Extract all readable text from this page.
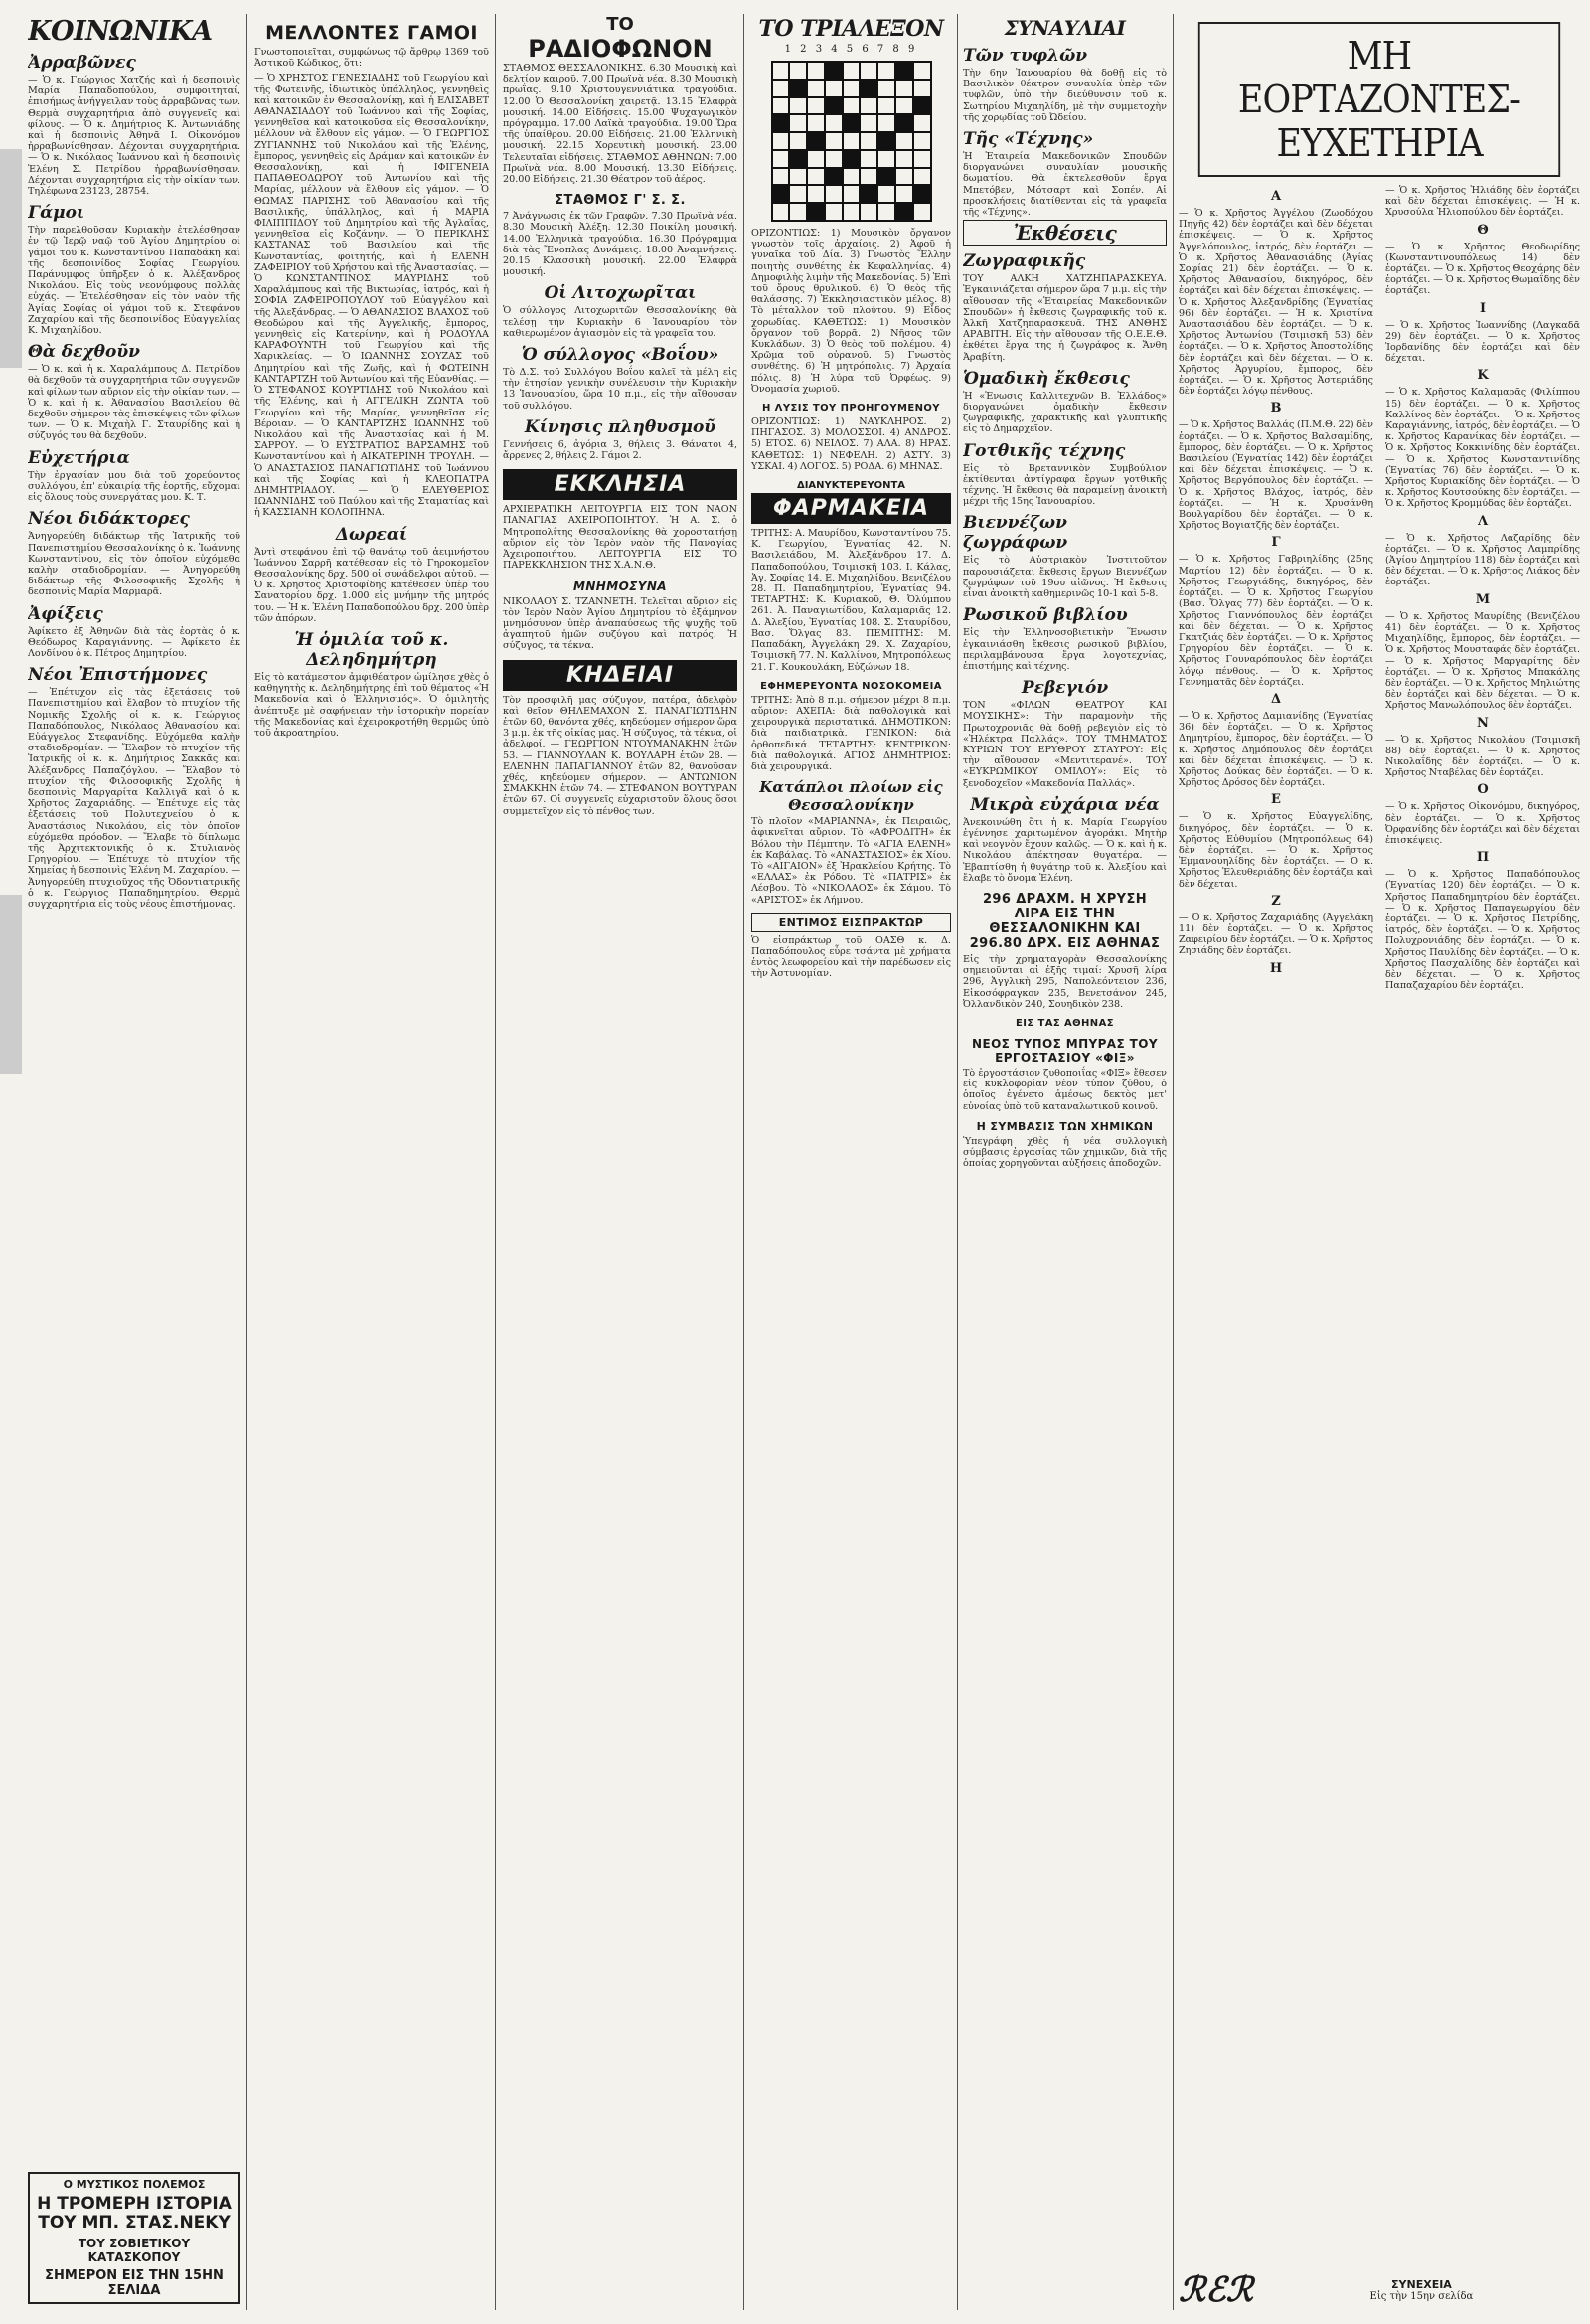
ΚΟΙΝΩΝΙΚΑ
Ἀρραβῶνες
— Ὁ κ. Γεώργιος Χατζής καὶ ἡ δεσποινὶς Μαρία Παπαδοπούλου, συμφοιτηταί, ἐπισήμως ἀνήγγειλαν τοὺς ἀρραβῶνας των. Θερμὰ συγχαρητήρια ἀπὸ συγγενεῖς καὶ φίλους. — Ὁ κ. Δημήτριος Κ. Ἀντωνιάδης καὶ ἡ δεσποινὶς Ἀθηνᾶ Ι. Οἰκονόμου ἠρραβωνίσθησαν. Δέχονται συγχαρητήρια. — Ὁ κ. Νικόλαος Ἰωάννου καὶ ἡ δεσποινὶς Ἑλένη Σ. Πετρίδου ἠρραβωνίσθησαν. Δέχονται συγχαρητήρια εἰς τὴν οἰκίαν των. Τηλέφωνα 23123, 28754.
Γάμοι
Τὴν παρελθοῦσαν Κυριακὴν ἐτελέσθησαν ἐν τῷ Ἱερῷ ναῷ τοῦ Ἁγίου Δημητρίου οἱ γάμοι τοῦ κ. Κωνσταντίνου Παπαδάκη καὶ τῆς δεσποινίδος Σοφίας Γεωργίου. Παράνυμφος ὑπῆρξεν ὁ κ. Ἀλέξανδρος Νικολάου. Εἰς τοὺς νεονύμφους πολλὰς εὐχάς. — Ἐτελέσθησαν εἰς τὸν ναὸν τῆς Ἁγίας Σοφίας οἱ γάμοι τοῦ κ. Στεφάνου Ζαχαρίου καὶ τῆς δεσποινίδος Εὐαγγελίας Κ. Μιχαηλίδου.
Θὰ δεχθοῦν
— Ὁ κ. καὶ ἡ κ. Χαραλάμπους Δ. Πετρίδου θὰ δεχθοῦν τὰ συγχαρητήρια τῶν συγγενῶν καὶ φίλων των αὔριον εἰς τὴν οἰκίαν των. — Ὁ κ. καὶ ἡ κ. Ἀθανασίου Βασιλείου θὰ δεχθοῦν σήμερον τὰς ἐπισκέψεις τῶν φίλων των. — Ὁ κ. Μιχαὴλ Γ. Σταυρίδης καὶ ἡ σύζυγός του θὰ δεχθοῦν.
Εὐχετήρια
Τὴν ἐργασίαν μου διὰ τοῦ χορεύοντος συλλόγου, ἐπ' εὐκαιρίᾳ τῆς ἑορτῆς, εὔχομαι εἰς ὅλους τοὺς συνεργάτας μου. Κ. Τ.
Νέοι διδάκτορες
Ἀνηγορεύθη διδάκτωρ τῆς Ἰατρικῆς τοῦ Πανεπιστημίου Θεσσαλονίκης ὁ κ. Ἰωάννης Κωνσταντίνου, εἰς τὸν ὁποῖον εὐχόμεθα καλὴν σταδιοδρομίαν. — Ἀνηγορεύθη διδάκτωρ τῆς Φιλοσοφικῆς Σχολῆς ἡ δεσποινὶς Μαρία Μαρμαρᾶ.
Ἀφίξεις
Ἀφίκετο ἐξ Ἀθηνῶν διὰ τὰς ἑορτὰς ὁ κ. Θεόδωρος Καραγιάννης. — Ἀφίκετο ἐκ Λονδίνου ὁ κ. Πέτρος Δημητρίου.
Νέοι Ἐπιστήμονες
— Ἐπέτυχον εἰς τὰς ἐξετάσεις τοῦ Πανεπιστημίου καὶ ἔλαβον τὸ πτυχίον τῆς Νομικῆς Σχολῆς οἱ κ. κ. Γεώργιος Παπαδόπουλος, Νικόλαος Ἀθανασίου καὶ Εὐάγγελος Στεφανίδης. Εὐχόμεθα καλὴν σταδιοδρομίαν. — Ἔλαβον τὸ πτυχίον τῆς Ἰατρικῆς οἱ κ. κ. Δημήτριος Σακκᾶς καὶ Ἀλέξανδρος Παπαζόγλου. — Ἔλαβον τὸ πτυχίον τῆς Φιλοσοφικῆς Σχολῆς ἡ δεσποινὶς Μαργαρίτα Καλλιγᾶ καὶ ὁ κ. Χρῆστος Ζαχαριάδης. — Ἐπέτυχε εἰς τὰς ἐξετάσεις τοῦ Πολυτεχνείου ὁ κ. Ἀναστάσιος Νικολάου, εἰς τὸν ὁποῖον εὐχόμεθα πρόοδον. — Ἔλαβε τὸ δίπλωμα τῆς Ἀρχιτεκτονικῆς ὁ κ. Στυλιανὸς Γρηγορίου. — Ἐπέτυχε τὸ πτυχίον τῆς Χημείας ἡ δεσποινὶς Ἑλένη Μ. Ζαχαρίου. — Ἀνηγορεύθη πτυχιοῦχος τῆς Ὀδοντιατρικῆς ὁ κ. Γεώργιος Παπαδημητρίου. Θερμὰ συγχαρητήρια εἰς τοὺς νέους ἐπιστήμονας.
Ο ΜΥΣΤΙΚΟΣ ΠΟΛΕΜΟΣ
Η ΤΡΟΜΕΡΗ ΙΣΤΟΡΙΑ ΤΟΥ ΜΠ. ΣΤΑΣ.ΝΕΚΥ
ΤΟΥ ΣΟΒΙΕΤΙΚΟΥ
ΚΑΤΑΣΚΟΠΟΥ
ΣΗΜΕΡΟΝ ΕΙΣ ΤΗΝ 15ΗΝ ΣΕΛΙΔΑ
ΜΕΛΛΟΝΤΕΣ ΓΑΜΟΙ
Γνωστοποιεῖται, συμφώνως τῷ ἄρθρῳ 1369 τοῦ Ἀστικοῦ Κώδικος, ὅτι:
— Ὁ ΧΡΗΣΤΟΣ ΓΕΝΕΣΙΑΔΗΣ τοῦ Γεωργίου καὶ τῆς Φωτεινῆς, ἰδιωτικὸς ὑπάλληλος, γεννηθεὶς καὶ κατοικῶν ἐν Θεσσαλονίκῃ, καὶ ἡ ΕΛΙΣΑΒΕΤ ΑΘΑΝΑΣΙΑΔΟΥ τοῦ Ἰωάννου καὶ τῆς Σοφίας, γεννηθεῖσα καὶ κατοικοῦσα εἰς Θεσσαλονίκην, μέλλουν νὰ ἔλθουν εἰς γάμον. — Ὁ ΓΕΩΡΓΙΟΣ ΖΥΓΙΑΝΝΗΣ τοῦ Νικολάου καὶ τῆς Ἑλένης, ἔμπορος, γεννηθεὶς εἰς Δράμαν καὶ κατοικῶν ἐν Θεσσαλονίκῃ, καὶ ἡ ΙΦΙΓΕΝΕΙΑ ΠΑΠΑΘΕΟΔΩΡΟΥ τοῦ Ἀντωνίου καὶ τῆς Μαρίας, μέλλουν νὰ ἔλθουν εἰς γάμον. — Ὁ ΘΩΜΑΣ ΠΑΡΙΣΗΣ τοῦ Ἀθανασίου καὶ τῆς Βασιλικῆς, ὑπάλληλος, καὶ ἡ ΜΑΡΙΑ ΦΙΛΙΠΠΙΔΟΥ τοῦ Δημητρίου καὶ τῆς Ἀγλαΐας, γεννηθεῖσα εἰς Κοζάνην. — Ὁ ΠΕΡΙΚΛΗΣ ΚΑΣΤΑΝΑΣ τοῦ Βασιλείου καὶ τῆς Κωνσταντίας, φοιτητής, καὶ ἡ ΕΛΕΝΗ ΖΑΦΕΙΡΙΟΥ τοῦ Χρήστου καὶ τῆς Ἀναστασίας. — Ὁ ΚΩΝΣΤΑΝΤΙΝΟΣ ΜΑΥΡΙΔΗΣ τοῦ Χαραλάμπους καὶ τῆς Βικτωρίας, ἰατρός, καὶ ἡ ΣΟΦΙΑ ΖΑΦΕΙΡΟΠΟΥΛΟΥ τοῦ Εὐαγγέλου καὶ τῆς Ἀλεξάνδρας. — Ὁ ΑΘΑΝΑΣΙΟΣ ΒΛΑΧΟΣ τοῦ Θεοδώρου καὶ τῆς Ἀγγελικῆς, ἔμπορος, γεννηθεὶς εἰς Κατερίνην, καὶ ἡ ΡΟΔΟΥΛΑ ΚΑΡΑΦΟΥΝΤΗ τοῦ Γεωργίου καὶ τῆς Χαρικλείας. — Ὁ ΙΩΑΝΝΗΣ ΣΟΥΖΑΣ τοῦ Δημητρίου καὶ τῆς Ζωῆς, καὶ ἡ ΦΩΤΕΙΝΗ ΚΑΝΤΑΡΤΖΗ τοῦ Ἀντωνίου καὶ τῆς Εὐανθίας. — Ὁ ΣΤΕΦΑΝΟΣ ΚΟΥΡΤΙΔΗΣ τοῦ Νικολάου καὶ τῆς Ἑλένης, καὶ ἡ ΑΓΓΕΛΙΚΗ ΖΩΝΤΑ τοῦ Γεωργίου καὶ τῆς Μαρίας, γεννηθεῖσα εἰς Βέροιαν. — Ὁ ΚΑΝΤΑΡΤΖΗΣ ΙΩΑΝΝΗΣ τοῦ Νικολάου καὶ τῆς Ἀναστασίας καὶ ἡ Μ. ΣΑΡΡΟΥ. — Ὁ ΕΥΣΤΡΑΤΙΟΣ ΒΑΡΣΑΜΗΣ τοῦ Κωνσταντίνου καὶ ἡ ΑΙΚΑΤΕΡΙΝΗ ΤΡΟΥΛΗ. — Ὁ ΑΝΑΣΤΑΣΙΟΣ ΠΑΝΑΓΙΩΤΙΔΗΣ τοῦ Ἰωάννου καὶ τῆς Σοφίας καὶ ἡ ΚΛΕΟΠΑΤΡΑ ΔΗΜΗΤΡΙΑΔΟΥ. — Ὁ ΕΛΕΥΘΕΡΙΟΣ ΙΩΑΝΝΙΔΗΣ τοῦ Παύλου καὶ τῆς Σταματίας καὶ ἡ ΚΑΣΣΙΑΝΗ ΚΟΛΟΠΗΝΑ.
Δωρεαί
Ἀντὶ στεφάνου ἐπὶ τῷ θανάτῳ τοῦ ἀειμνήστου Ἰωάννου Σαρρῆ κατέθεσαν εἰς τὸ Γηροκομεῖον Θεσσαλονίκης δρχ. 500 οἱ συνάδελφοι αὐτοῦ. — Ὁ κ. Χρῆστος Χριστοφίδης κατέθεσεν ὑπὲρ τοῦ Σανατορίου δρχ. 1.000 εἰς μνήμην τῆς μητρός του. — Ἡ κ. Ἑλένη Παπαδοπούλου δρχ. 200 ὑπὲρ τῶν ἀπόρων.
Ἡ ὁμιλία τοῦ κ. Δεληδημήτρη
Εἰς τὸ κατάμεστον ἀμφιθέατρον ὡμίλησε χθὲς ὁ καθηγητὴς κ. Δεληδημήτρης ἐπὶ τοῦ θέματος «Ἡ Μακεδονία καὶ ὁ Ἑλληνισμός». Ὁ ὁμιλητὴς ἀνέπτυξε μὲ σαφήνειαν τὴν ἱστορικὴν πορείαν τῆς Μακεδονίας καὶ ἐχειροκροτήθη θερμῶς ὑπὸ τοῦ ἀκροατηρίου.
ΤΟ
ΡΑΔΙΟΦΩΝΟΝ
ΣΤΑΘΜΟΣ ΘΕΣΣΑΛΟΝΙΚΗΣ. 6.30 Μουσικὴ καὶ δελτίον καιροῦ. 7.00 Πρωϊνὰ νέα. 8.30 Μουσικὴ πρωΐας. 9.10 Χριστουγεννιάτικα τραγούδια. 12.00 Ὁ Θεσσαλονίκη χαιρετᾷ. 13.15 Ἐλαφρὰ μουσική. 14.00 Εἰδήσεις. 15.00 Ψυχαγωγικὸν πρόγραμμα. 17.00 Λαϊκὰ τραγούδια. 19.00 Ὥρα τῆς ὑπαίθρου. 20.00 Εἰδήσεις. 21.00 Ἑλληνικὴ μουσική. 22.15 Χορευτικὴ μουσική. 23.00 Τελευταῖαι εἰδήσεις. ΣΤΑΘΜΟΣ ΑΘΗΝΩΝ: 7.00 Πρωϊνὰ νέα. 8.00 Μουσική. 13.30 Εἰδήσεις. 20.00 Εἰδήσεις. 21.30 Θέατρον τοῦ ἀέρος.
ΣΤΑΘΜΟΣ Γ' Σ. Σ.
7 Ἀνάγνωσις ἐκ τῶν Γραφῶν. 7.30 Πρωϊνὰ νέα. 8.30 Μουσικὴ Ἀλέξη. 12.30 Ποικίλη μουσική. 14.00 Ἐλληνικὰ τραγούδια. 16.30 Πρόγραμμα διὰ τὰς Ἔνοπλας Δυνάμεις. 18.00 Ἀναμνήσεις. 20.15 Κλασσικὴ μουσική. 22.00 Ἐλαφρὰ μουσική.
Οἱ Λιτοχωρῖται
Ὁ σύλλογος Λιτοχωριτῶν Θεσσαλονίκης θὰ τελέσῃ τὴν Κυριακὴν 6 Ἰανουαρίου τὸν καθιερωμένον ἀγιασμὸν εἰς τὰ γραφεῖα του.
Ὁ σύλλογος «Βοΐου»
Τὸ Δ.Σ. τοῦ Συλλόγου Βοΐου καλεῖ τὰ μέλη εἰς τὴν ἐτησίαν γενικὴν συνέλευσιν τὴν Κυριακὴν 13 Ἰανουαρίου, ὥρα 10 π.μ., εἰς τὴν αἴθουσαν τοῦ συλλόγου.
Κίνησις πληθυσμοῦ
Γεννήσεις 6, ἀγόρια 3, θήλεις 3. Θάνατοι 4, ἄρρενες 2, θήλεις 2. Γάμοι 2.
ΕΚΚΛΗΣΙΑ
ΑΡΧΙΕΡΑΤΙΚΗ ΛΕΙΤΟΥΡΓΙΑ ΕΙΣ ΤΟΝ ΝΑΟΝ ΠΑΝΑΓΙΑΣ ΑΧΕΙΡΟΠΟΙΗΤΟΥ. Ἡ Α. Σ. ὁ Μητροπολίτης Θεσσαλονίκης θὰ χοροστατήσῃ αὔριον εἰς τὸν Ἱερὸν ναὸν τῆς Παναγίας Ἀχειροποιήτου. ΛΕΙΤΟΥΡΓΙΑ ΕΙΣ ΤΟ ΠΑΡΕΚΚΛΗΣΙΟΝ ΤΗΣ Χ.Α.Ν.Θ.
ΜΝΗΜΟΣΥΝΑ
ΝΙΚΟΛΑΟΥ Σ. ΤΖΑΝΝΕΤΗ. Τελεῖται αὔριον εἰς τὸν Ἱερὸν Ναὸν Ἁγίου Δημητρίου τὸ ἐξάμηνον μνημόσυνον ὑπὲρ ἀναπαύσεως τῆς ψυχῆς τοῦ ἀγαπητοῦ ἡμῶν συζύγου καὶ πατρός. Ἡ σύζυγος, τὰ τέκνα.
ΚΗΔΕΙΑΙ
Τὸν προσφιλῆ μας σύζυγον, πατέρα, ἀδελφὸν καὶ θεῖον ΘΗΛΕΜΑΧΟΝ Σ. ΠΑΝΑΓΙΩΤΙΔΗΝ ἐτῶν 60, θανόντα χθές, κηδεύομεν σήμερον ὥρα 3 μ.μ. ἐκ τῆς οἰκίας μας. Ἡ σύζυγος, τὰ τέκνα, οἱ ἀδελφοί. — ΓΕΩΡΓΙΟΝ ΝΤΟΥΜΑΝΑΚΗΝ ἐτῶν 53. — ΓΙΑΝΝΟΥΛΑΝ Κ. ΒΟΥΛΑΡΗ ἐτῶν 28. — ΕΛΕΝΗΝ ΠΑΠΑΓΙΑΝΝΟΥ ἐτῶν 82, θανοῦσαν χθές, κηδεύομεν σήμερον. — ΑΝΤΩΝΙΟΝ ΣΜΑΚΚΗΝ ἐτῶν 74. — ΣΤΕΦΑΝΟΝ ΒΟΥΤΥΡΑΝ ἐτῶν 67. Οἱ συγγενεῖς εὐχαριστοῦν ὅλους ὅσοι συμμετεῖχον εἰς τὸ πένθος των.
ΤΟ ΤΡΙΑΛΕΞΟΝ
1 2 3 4 5 6 7 8 9
ΟΡΙΖΟΝΤΙΩΣ: 1) Μουσικὸν ὄργανον γνωστὸν τοῖς ἀρχαίοις. 2) Ἀφοῦ ἡ γυναῖκα τοῦ Δία. 3) Γνωστὸς Ἕλλην ποιητὴς συνθέτης ἐκ Κεφαλληνίας. 4) Δημοφιλὴς λιμὴν τῆς Μακεδονίας. 5) Ἐπὶ τοῦ ὄρους θρυλικοῦ. 6) Ὁ θεὸς τῆς θαλάσσης. 7) Ἐκκλησιαστικὸν μέλος. 8) Τὸ μέταλλον τοῦ πλούτου. 9) Εἶδος χορωδίας. ΚΑΘΕΤΩΣ: 1) Μουσικὸν ὄργανον τοῦ βορρᾶ. 2) Νῆσος τῶν Κυκλάδων. 3) Ὁ θεὸς τοῦ πολέμου. 4) Χρῶμα τοῦ οὐρανοῦ. 5) Γνωστὸς συνθέτης. 6) Ἡ μητρόπολις. 7) Ἀρχαία πόλις. 8) Ἡ λύρα τοῦ Ὀρφέως. 9) Ὀνομασία χωριοῦ.
Η ΛΥΣΙΣ ΤΟΥ ΠΡΟΗΓΟΥΜΕΝΟΥ
ΟΡΙΖΟΝΤΙΩΣ: 1) ΝΑΥΚΛΗΡΟΣ. 2) ΠΗΓΑΣΟΣ. 3) ΜΟΛΟΣΣΟΙ. 4) ΑΝΔΡΟΣ. 5) ΕΤΟΣ. 6) ΝΕΙΛΟΣ. 7) ΑΛΑ. 8) ΗΡΑΣ. ΚΑΘΕΤΩΣ: 1) ΝΕΦΕΛΗ. 2) ΑΣΤΥ. 3) ΥΣΚΑΙ. 4) ΛΟΓΟΣ. 5) ΡΟΔΑ. 6) ΜΗΝΑΣ.
ΔΙΑΝΥΚΤΕΡΕΥΟΝΤΑ
ΦΑΡΜΑΚΕΙΑ
ΤΡΙΤΗΣ: Α. Μαυρίδου, Κωνσταντίνου 75. Κ. Γεωργίου, Ἐγνατίας 42. Ν. Βασιλειάδου, Μ. Ἀλεξάνδρου 17. Δ. Παπαδοπούλου, Τσιμισκῆ 103. Ι. Κάλας, Ἁγ. Σοφίας 14. Ε. Μιχαηλίδου, Βενιζέλου 28. Π. Παπαδημητρίου, Ἐγνατίας 94. ΤΕΤΑΡΤΗΣ: Κ. Κυριακοῦ, Θ. Ὀλύμπου 261. Ἀ. Παναγιωτίδου, Καλαμαριᾶς 12. Δ. Ἀλεξίου, Ἐγνατίας 108. Σ. Σταυρίδου, Βασ. Ὄλγας 83. ΠΕΜΠΤΗΣ: Μ. Παπαδάκη, Ἀγγελάκη 29. Χ. Ζαχαρίου, Τσιμισκῆ 77. Ν. Καλλίνου, Μητροπόλεως 21. Γ. Κουκουλάκη, Εὐζώνων 18.
ΕΦΗΜΕΡΕΥΟΝΤΑ ΝΟΣΟΚΟΜΕΙΑ
ΤΡΙΤΗΣ: Ἀπὸ 8 π.μ. σήμερον μέχρι 8 π.μ. αὔριον: ΑΧΕΠΑ: διὰ παθολογικὰ καὶ χειρουργικὰ περιστατικά. ΔΗΜΟΤΙΚΟΝ: διὰ παιδιατρικὰ. ΓΕΝΙΚΟΝ: διὰ ὀρθοπεδικά. ΤΕΤΑΡΤΗΣ: ΚΕΝΤΡΙΚΟΝ: διὰ παθολογικά. ΑΓΙΟΣ ΔΗΜΗΤΡΙΟΣ: διὰ χειρουργικά.
Κατάπλοι πλοίων εἰς Θεσσαλονίκην
Τὸ πλοῖον «ΜΑΡΙΑΝΝΑ», ἐκ Πειραιῶς, ἀφικνεῖται αὔριον. Τὸ «ΑΦΡΟΔΙΤΗ» ἐκ Βόλου τὴν Πέμπτην. Τὸ «ΑΓΙΑ ΕΛΕΝΗ» ἐκ Καβάλας. Τὸ «ΑΝΑΣΤΑΣΙΟΣ» ἐκ Χίου. Τὸ «ΑΙΓΑΙΟΝ» ἐξ Ἡρακλείου Κρήτης. Τὸ «ΕΛΛΑΣ» ἐκ Ρόδου. Τὸ «ΠΑΤΡΙΣ» ἐκ Λέσβου. Τὸ «ΝΙΚΟΛΑΟΣ» ἐκ Σάμου. Τὸ «ΑΡΙΣΤΟΣ» ἐκ Λήμνου.
ΕΝΤΙΜΟΣ ΕΙΣΠΡΑΚΤΩΡ
Ὁ εἰσπράκτωρ τοῦ ΟΑΣΘ κ. Δ. Παπαδόπουλος εὗρε τσάντα μὲ χρήματα ἐντὸς λεωφορείου καὶ τὴν παρέδωσεν εἰς τὴν Ἀστυνομίαν.
ΣΥΝΑΥΛΙΑΙ
Τῶν τυφλῶν
Τὴν 6ην Ἰανουαρίου θὰ δοθῇ εἰς τὸ Βασιλικὸν θέατρον συναυλία ὑπὲρ τῶν τυφλῶν, ὑπὸ τὴν διεύθυνσιν τοῦ κ. Σωτηρίου Μιχαηλίδη, μὲ τὴν συμμετοχὴν τῆς χορῳδίας τοῦ Ὠδείου.
Τῆς «Τέχνης»
Ἡ Ἑταιρεία Μακεδονικῶν Σπουδῶν διοργανώνει συναυλίαν μουσικῆς δωματίου. Θὰ ἐκτελεσθοῦν ἔργα Μπετόβεν, Μότσαρτ καὶ Σοπέν. Αἱ προσκλήσεις διατίθενται εἰς τὰ γραφεῖα τῆς «Τέχνης».
Ἐκθέσεις
Ζωγραφικῆς
ΤΟΥ ΑΛΚΗ ΧΑΤΖΗΠΑΡΑΣΚΕΥΑ. Ἐγκαινιάζεται σήμερον ὥρα 7 μ.μ. εἰς τὴν αἴθουσαν τῆς «Ἑταιρείας Μακεδονικῶν Σπουδῶν» ἡ ἔκθεσις ζωγραφικῆς τοῦ κ. Ἀλκῆ Χατζηπαρασκευᾶ. ΤΗΣ ΑΝΘΗΣ ΑΡΑΒΙΤΗ. Εἰς τὴν αἴθουσαν τῆς Ο.Ε.Ε.Θ. ἐκθέτει ἔργα της ἡ ζωγράφος κ. Ἄνθη Ἀραβίτη.
Ὁμαδικὴ ἔκθεσις
Ἡ «Ἑνωσις Καλλιτεχνῶν Β. Ἑλλάδος» διοργανώνει ὁμαδικὴν ἔκθεσιν ζωγραφικῆς, χαρακτικῆς καὶ γλυπτικῆς εἰς τὸ Δημαρχεῖον.
Γοτθικῆς τέχνης
Εἰς τὸ Βρεταννικὸν Συμβούλιον ἐκτίθενται ἀντίγραφα ἔργων γοτθικῆς τέχνης. Ἡ ἔκθεσις θὰ παραμείνῃ ἀνοικτὴ μέχρι τῆς 15ης Ἰανουαρίου.
Βιεννέζων ζωγράφων
Εἰς τὸ Αὐστριακὸν Ἰνστιτοῦτον παρουσιάζεται ἔκθεσις ἔργων Βιεννέζων ζωγράφων τοῦ 19ου αἰῶνος. Ἡ ἔκθεσις εἶναι ἀνοικτὴ καθημερινῶς 10-1 καὶ 5-8.
Ρωσικοῦ βιβλίου
Εἰς τὴν Ἑλληνοσοβιετικὴν Ἕνωσιν ἐγκαινιάσθη ἔκθεσις ρωσικοῦ βιβλίου, περιλαμβάνουσα ἔργα λογοτεχνίας, ἐπιστήμης καὶ τέχνης.
Ρεβεγιόν
ΤΟΝ «ΦΙΛΩΝ ΘΕΑΤΡΟΥ ΚΑΙ ΜΟΥΣΙΚΗΣ»: Τὴν παραμονὴν τῆς Πρωτοχρονιᾶς θὰ δοθῇ ρεβεγιὸν εἰς τὸ «Ἡλέκτρα Παλλάς». ΤΟΥ ΤΜΗΜΑΤΟΣ ΚΥΡΙΩΝ ΤΟΥ ΕΡΥΘΡΟΥ ΣΤΑΥΡΟΥ: Εἰς τὴν αἴθουσαν «Μεντιτερανέ». ΤΟΥ «ΕΥΚΡΩΜΙΚΟΥ ΟΜΙΛΟΥ»: Εἰς τὸ ξενοδοχεῖον «Μακεδονία Παλλάς».
Μικρὰ εὐχάρια νέα
Ἀνεκοινώθη ὅτι ἡ κ. Μαρία Γεωργίου ἐγέννησε χαριτωμένον ἀγοράκι. Μητὴρ καὶ νεογνὸν ἔχουν καλῶς. — Ὁ κ. καὶ ἡ κ. Νικολάου ἀπέκτησαν θυγατέρα. — Ἐβαπτίσθη ἡ θυγάτηρ τοῦ κ. Ἀλεξίου καὶ ἔλαβε τὸ ὄνομα Ἑλένη.
296 ΔΡΑΧΜ. Η ΧΡΥΣΗ ΛΙΡΑ ΕΙΣ ΤΗΝ ΘΕΣΣΑΛΟΝΙΚΗΝ ΚΑΙ 296.80 ΔΡΧ. ΕΙΣ ΑΘΗΝΑΣ
Εἰς τὴν χρηματαγορὰν Θεσσαλονίκης σημειοῦνται αἱ ἑξῆς τιμαί: Χρυσῆ λίρα 296, Ἀγγλικὴ 295, Ναπολεόντειον 236, Εἰκοσόφραγκον 235, Βενετσάνον 245, Ὀλλανδικὸν 240, Σουηδικὸν 238.
ΕΙΣ ΤΑΣ ΑΘΗΝΑΣ
ΝΕΟΣ ΤΥΠΟΣ ΜΠΥΡΑΣ ΤΟΥ ΕΡΓΟΣΤΑΣΙΟΥ «ΦΙΞ»
Τὸ ἐργοστάσιον ζυθοποιΐας «ΦΙΞ» ἔθεσεν εἰς κυκλοφορίαν νέον τύπον ζύθου, ὁ ὁποῖος ἐγένετο ἀμέσως δεκτὸς μετ' εὐνοίας ὑπὸ τοῦ καταναλωτικοῦ κοινοῦ.
Η ΣΥΜΒΑΣΙΣ ΤΩΝ ΧΗΜΙΚΩΝ
Ὑπεγράφη χθὲς ἡ νέα συλλογικὴ σύμβασις ἐργασίας τῶν χημικῶν, διὰ τῆς ὁποίας χορηγοῦνται αὐξήσεις ἀποδοχῶν.
ΜΗ ΕΟΡΤΑΖΟΝΤΕΣ-ΕΥΧΕΤΗΡΙΑ
Α
— Ὁ κ. Χρῆστος Ἀγγέλου (Ζωοδόχου Πηγῆς 42) δὲν ἑορτάζει καὶ δὲν δέχεται ἐπισκέψεις. — Ὁ κ. Χρῆστος Ἀγγελόπουλος, ἰατρός, δὲν ἑορτάζει. — Ὁ κ. Χρῆστος Ἀθανασιάδης (Ἀγίας Σοφίας 21) δὲν ἑορτάζει. — Ὁ κ. Χρῆστος Ἀθανασίου, δικηγόρος, δὲν ἑορτάζει καὶ δὲν δέχεται ἐπισκέψεις. — Ὁ κ. Χρῆστος Ἀλεξανδρίδης (Ἐγνατίας 96) δὲν ἑορτάζει. — Ἡ κ. Χριστίνα Ἀναστασιάδου δὲν ἑορτάζει. — Ὁ κ. Χρῆστος Ἀντωνίου (Τσιμισκῆ 53) δὲν ἑορτάζει. — Ὁ κ. Χρῆστος Ἀποστολίδης δὲν ἑορτάζει καὶ δὲν δέχεται. — Ὁ κ. Χρῆστος Ἀργυρίου, ἔμπορος, δὲν ἑορτάζει. — Ὁ κ. Χρῆστος Ἀστεριάδης δὲν ἑορτάζει λόγῳ πένθους.
Β
— Ὁ κ. Χρῆστος Βαλλάς (Π.Μ.Θ. 22) δὲν ἑορτάζει. — Ὁ κ. Χρῆστος Βαλσαμίδης, ἔμπορος, δὲν ἑορτάζει. — Ὁ κ. Χρῆστος Βασιλείου (Ἐγνατίας 142) δὲν ἑορτάζει καὶ δὲν δέχεται ἐπισκέψεις. — Ὁ κ. Χρῆστος Βεργόπουλος δὲν ἑορτάζει. — Ὁ κ. Χρῆστος Βλάχος, ἰατρός, δὲν ἑορτάζει. — Ἡ κ. Χρυσάνθη Βουλγαρίδου δὲν ἑορτάζει. — Ὁ κ. Χρῆστος Βογιατζῆς δὲν ἑορτάζει.
Γ
— Ὁ κ. Χρῆστος Γαβριηλίδης (25ης Μαρτίου 12) δὲν ἑορτάζει. — Ὁ κ. Χρῆστος Γεωργιάδης, δικηγόρος, δὲν ἑορτάζει. — Ὁ κ. Χρῆστος Γεωργίου (Βασ. Ὄλγας 77) δὲν ἑορτάζει. — Ὁ κ. Χρῆστος Γιαννόπουλος δὲν ἑορτάζει καὶ δὲν δέχεται. — Ὁ κ. Χρῆστος Γκατζιάς δὲν ἑορτάζει. — Ὁ κ. Χρῆστος Γρηγορίου δὲν ἑορτάζει. — Ὁ κ. Χρῆστος Γουναρόπουλος δὲν ἑορτάζει λόγῳ πένθους. — Ὁ κ. Χρῆστος Γεννηματᾶς δὲν ἑορτάζει.
Δ
— Ὁ κ. Χρῆστος Δαμιανίδης (Ἐγνατίας 36) δὲν ἑορτάζει. — Ὁ κ. Χρῆστος Δημητρίου, ἔμπορος, δὲν ἑορτάζει. — Ὁ κ. Χρῆστος Δημόπουλος δὲν ἑορτάζει καὶ δὲν δέχεται ἐπισκέψεις. — Ὁ κ. Χρῆστος Δούκας δὲν ἑορτάζει. — Ὁ κ. Χρῆστος Δρόσος δὲν ἑορτάζει.
Ε
— Ὁ κ. Χρῆστος Εὐαγγελίδης, δικηγόρος, δὲν ἑορτάζει. — Ὁ κ. Χρῆστος Εὐθυμίου (Μητροπόλεως 64) δὲν ἑορτάζει. — Ὁ κ. Χρῆστος Ἐμμανουηλίδης δὲν ἑορτάζει. — Ὁ κ. Χρῆστος Ἐλευθεριάδης δὲν ἑορτάζει καὶ δὲν δέχεται.
Ζ
— Ὁ κ. Χρῆστος Ζαχαριάδης (Ἀγγελάκη 11) δὲν ἑορτάζει. — Ὁ κ. Χρῆστος Ζαφειρίου δὲν ἑορτάζει. — Ὁ κ. Χρῆστος Ζησιάδης δὲν ἑορτάζει.
Η
— Ὁ κ. Χρῆστος Ἡλιάδης δὲν ἑορτάζει καὶ δὲν δέχεται ἐπισκέψεις. — Ἡ κ. Χρυσούλα Ἠλιοπούλου δὲν ἑορτάζει.
Θ
— Ὁ κ. Χρῆστος Θεοδωρίδης (Κωνσταντινουπόλεως 14) δὲν ἑορτάζει. — Ὁ κ. Χρῆστος Θεοχάρης δὲν ἑορτάζει. — Ὁ κ. Χρῆστος Θωμαΐδης δὲν ἑορτάζει.
Ι
— Ὁ κ. Χρῆστος Ἰωαννίδης (Λαγκαδᾶ 29) δὲν ἑορτάζει. — Ὁ κ. Χρῆστος Ἰορδανίδης δὲν ἑορτάζει καὶ δὲν δέχεται.
Κ
— Ὁ κ. Χρῆστος Καλαμαρᾶς (Φιλίππου 15) δὲν ἑορτάζει. — Ὁ κ. Χρῆστος Καλλίνος δὲν ἑορτάζει. — Ὁ κ. Χρῆστος Καραγιάννης, ἰατρός, δὲν ἑορτάζει. — Ὁ κ. Χρῆστος Καρανίκας δὲν ἑορτάζει. — Ὁ κ. Χρῆστος Κοκκινίδης δὲν ἑορτάζει. — Ὁ κ. Χρῆστος Κωνσταντινίδης (Ἐγνατίας 76) δὲν ἑορτάζει. — Ὁ κ. Χρῆστος Κυριακίδης δὲν ἑορτάζει. — Ὁ κ. Χρῆστος Κουτσούκης δὲν ἑορτάζει. — Ὁ κ. Χρῆστος Κρομμύδας δὲν ἑορτάζει.
Λ
— Ὁ κ. Χρῆστος Λαζαρίδης δὲν ἑορτάζει. — Ὁ κ. Χρῆστος Λαμπρίδης (Ἀγίου Δημητρίου 118) δὲν ἑορτάζει καὶ δὲν δέχεται. — Ὁ κ. Χρῆστος Λιάκος δὲν ἑορτάζει.
Μ
— Ὁ κ. Χρῆστος Μαυρίδης (Βενιζέλου 41) δὲν ἑορτάζει. — Ὁ κ. Χρῆστος Μιχαηλίδης, ἔμπορος, δὲν ἑορτάζει. — Ὁ κ. Χρῆστος Μουσταφάς δὲν ἑορτάζει. — Ὁ κ. Χρῆστος Μαργαρίτης δὲν ἑορτάζει. — Ὁ κ. Χρῆστος Μπακάλης δὲν ἑορτάζει. — Ὁ κ. Χρῆστος Μηλιώτης δὲν ἑορτάζει καὶ δὲν δέχεται. — Ὁ κ. Χρῆστος Μανωλόπουλος δὲν ἑορτάζει.
Ν
— Ὁ κ. Χρῆστος Νικολάου (Τσιμισκῆ 88) δὲν ἑορτάζει. — Ὁ κ. Χρῆστος Νικολαΐδης δὲν ἑορτάζει. — Ὁ κ. Χρῆστος Νταβέλας δὲν ἑορτάζει.
Ο
— Ὁ κ. Χρῆστος Οἰκονόμου, δικηγόρος, δὲν ἑορτάζει. — Ὁ κ. Χρῆστος Ὀρφανίδης δὲν ἑορτάζει καὶ δὲν δέχεται ἐπισκέψεις.
Π
— Ὁ κ. Χρῆστος Παπαδόπουλος (Ἐγνατίας 120) δὲν ἑορτάζει. — Ὁ κ. Χρῆστος Παπαδημητρίου δὲν ἑορτάζει. — Ὁ κ. Χρῆστος Παπαγεωργίου δὲν ἑορτάζει. — Ὁ κ. Χρῆστος Πετρίδης, ἰατρός, δὲν ἑορτάζει. — Ὁ κ. Χρῆστος Πολυχρονιάδης δὲν ἑορτάζει. — Ὁ κ. Χρῆστος Παυλίδης δὲν ἑορτάζει. — Ὁ κ. Χρῆστος Πασχαλίδης δὲν ἑορτάζει καὶ δὲν δέχεται. — Ὁ κ. Χρῆστος Παπαζαχαρίου δὲν ἑορτάζει.
ℛℰℛ	ΣΥΝΕΧΕΙΑ
Εἰς τὴν 15ην σελίδα
